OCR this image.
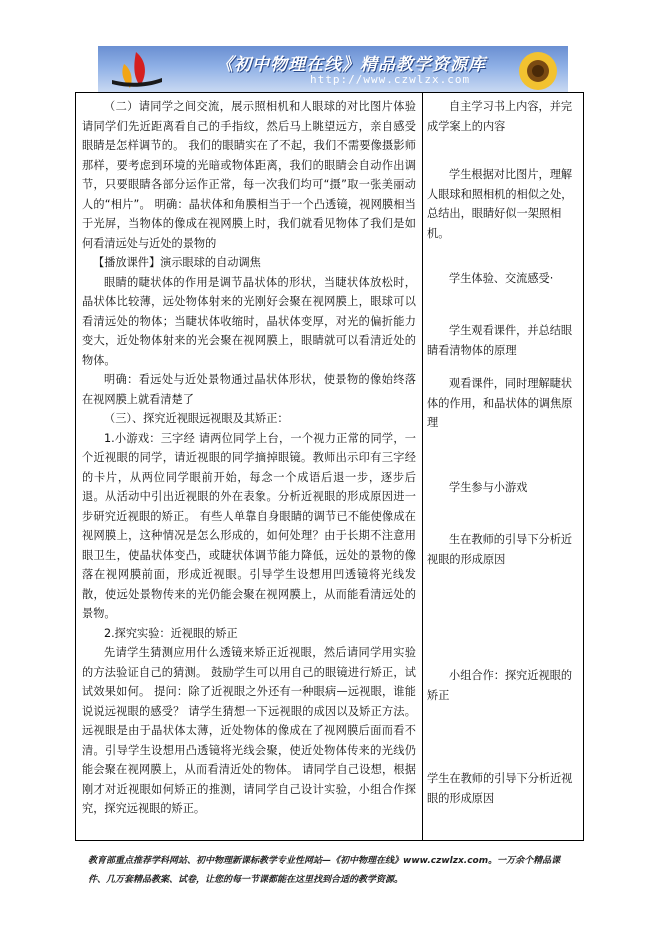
《初中物理在线》精品教学资源库
http://www.czwlzx.com

（二）请同学之间交流，展示照相机和人眼球的对比图片体验请同学们先近距离看自己的手指纹，然后马上眺望远方，亲自感受眼睛是怎样调节的。 我们的眼睛实在了不起，我们不需要像摄影师那样，要考虑到环境的光暗或物体距离，我们的眼睛会自动作出调节，只要眼睛各部分运作正常，每一次我们均可“摄”取一张美丽动人的“相片”。 明确：晶状体和角膜相当于一个凸透镜，视网膜相当于光屏，当物体的像成在视网膜上时，我们就看见物体了我们是如何看清远处与近处的景物的

【播放课件】演示眼球的自动调焦

眼睛的睫状体的作用是调节晶状体的形状，当睫状体放松时，晶状体比较薄，远处物体射来的光刚好会聚在视网膜上，眼球可以看清远处的物体；当睫状体收缩时，晶状体变厚，对光的偏折能力变大，近处物体射来的光会聚在视网膜上，眼睛就可以看清近处的物体。

明确：看远处与近处景物通过晶状体形状，使景物的像始终落在视网膜上就看清楚了

（三）、探究近视眼远视眼及其矫正：

1.小游戏：三字经 请两位同学上台，一个视力正常的同学，一个近视眼的同学，请近视眼的同学摘掉眼镜。教师出示印有三字经的卡片，从两位同学眼前开始，每念一个成语后退一步，逐步后退。从活动中引出近视眼的外在表象。分析近视眼的形成原因进一步研究近视眼的矫正。 有些人单靠自身眼睛的调节已不能使像成在视网膜上，这种情况是怎么形成的，如何处理？由于长期不注意用眼卫生，使晶状体变凸，或睫状体调节能力降低，远处的景物的像落在视网膜前面，形成近视眼。引导学生设想用凹透镜将光线发散，使远处景物传来的光仍能会聚在视网膜上，从而能看清远处的景物。

2.探究实验：近视眼的矫正

先请学生猜测应用什么透镜来矫正近视眼，然后请同学用实验的方法验证自己的猜测。 鼓励学生可以用自己的眼镜进行矫正，试试效果如何。 提问：除了近视眼之外还有一种眼病—远视眼，谁能说说远视眼的感受？ 请学生猜想一下远视眼的成因以及矫正方法。 远视眼是由于晶状体太薄，近处物体的像成在了视网膜后面而看不清。引导学生设想用凸透镜将光线会聚，使近处物体传来的光线仍能会聚在视网膜上，从而看清近处的物体。 请同学自己设想，根据刚才对近视眼如何矫正的推测，请同学自己设计实验，小组合作探究，探究远视眼的矫正。

自主学习书上内容，并完成学案上的内容

学生根据对比图片，理解人眼球和照相机的相似之处，总结出，眼睛好似一架照相机。

学生体验、交流感受·

学生观看课件，并总结眼睛看清物体的原理

观看课件，同时理解睫状体的作用，和晶状体的调焦原理

学生参与小游戏

生在教师的引导下分析近视眼的形成原因

小组合作：探究近视眼的矫正

学生在教师的引导下分析近视眼的形成原因

教育部重点推荐学科网站、初中物理新课标教学专业性网站—《初中物理在线》www.czwlzx.com。一万余个精品课件、几万套精品教案、试卷，让您的每一节课都能在这里找到合适的教学资源。
